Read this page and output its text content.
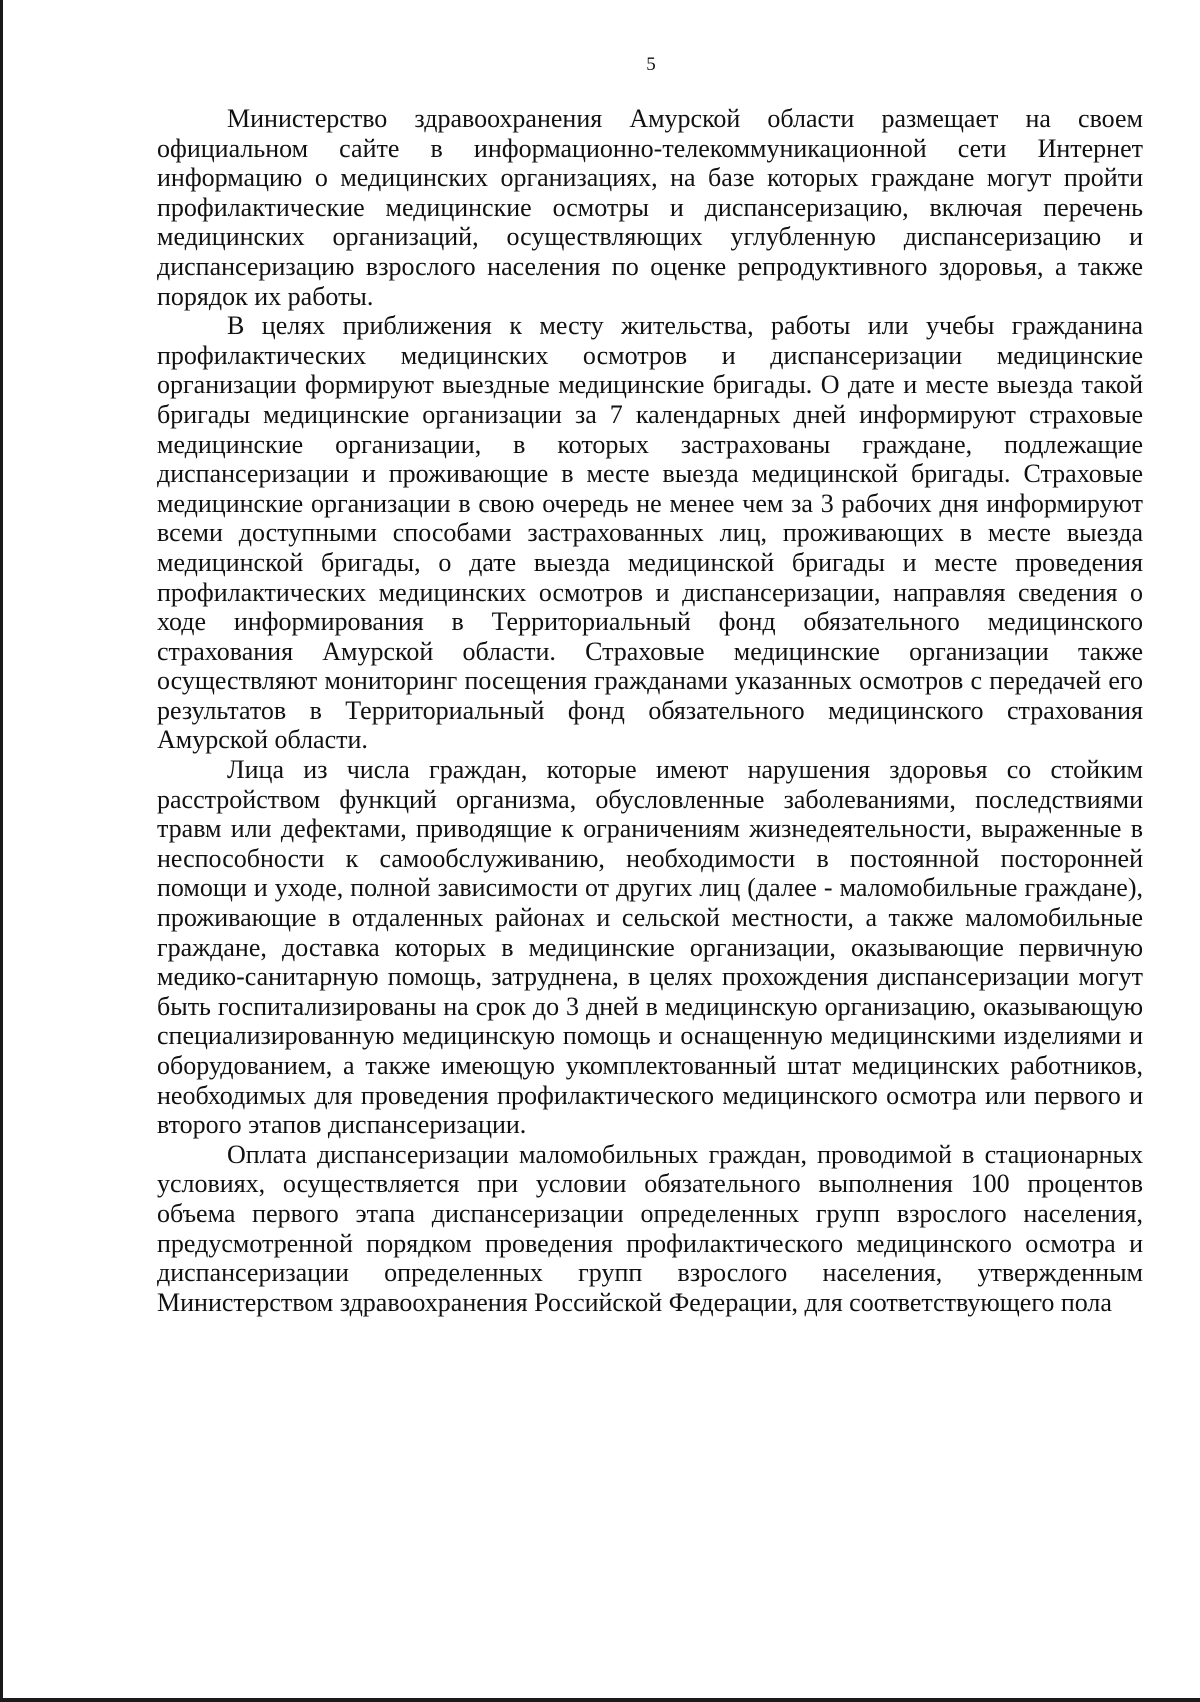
5

Министерство здравоохранения Амурской области размещает на своем официальном сайте в информационно-телекоммуникационной сети Интернет информацию о медицинских организациях, на базе которых граждане могут пройти профилактические медицинские осмотры и диспансеризацию, включая перечень медицинских организаций, осуществляющих углубленную диспансеризацию и диспансеризацию взрослого населения по оценке репродуктивного здоровья, а также порядок их работы.

В целях приближения к месту жительства, работы или учебы гражданина профилактических медицинских осмотров и диспансеризации медицинские организации формируют выездные медицинские бригады. О дате и месте выезда такой бригады медицинские организации за 7 календарных дней информируют страховые медицинские организации, в которых застрахованы граждане, подлежащие диспансеризации и проживающие в месте выезда медицинской бригады. Страховые медицинские организации в свою очередь не менее чем за 3 рабочих дня информируют всеми доступными способами застрахованных лиц, проживающих в месте выезда медицинской бригады, о дате выезда медицинской бригады и месте проведения профилактических медицинских осмотров и диспансеризации, направляя сведения о ходе информирования в Территориальный фонд обязательного медицинского страхования Амурской области. Страховые медицинские организации также осуществляют мониторинг посещения гражданами указанных осмотров с передачей его результатов в Территориальный фонд обязательного медицинского страхования Амурской области.

Лица из числа граждан, которые имеют нарушения здоровья со стойким расстройством функций организма, обусловленные заболеваниями, последствиями травм или дефектами, приводящие к ограничениям жизнедеятельности, выраженные в неспособности к самообслуживанию, необходимости в постоянной посторонней помощи и уходе, полной зависимости от других лиц (далее - маломобильные граждане), проживающие в отдаленных районах и сельской местности, а также маломобильные граждане, доставка которых в медицинские организации, оказывающие первичную медико-санитарную помощь, затруднена, в целях прохождения диспансеризации могут быть госпитализированы на срок до 3 дней в медицинскую организацию, оказывающую специализированную медицинскую помощь и оснащенную медицинскими изделиями и оборудованием, а также имеющую укомплектованный штат медицинских работников, необходимых для проведения профилактического медицинского осмотра или первого и второго этапов диспансеризации.

Оплата диспансеризации маломобильных граждан, проводимой в стационарных условиях, осуществляется при условии обязательного выполнения 100 процентов объема первого этапа диспансеризации определенных групп взрослого населения, предусмотренной порядком проведения профилактического медицинского осмотра и диспансеризации определенных групп взрослого населения, утвержденным Министерством здравоохранения Российской Федерации, для соответствующего пола
